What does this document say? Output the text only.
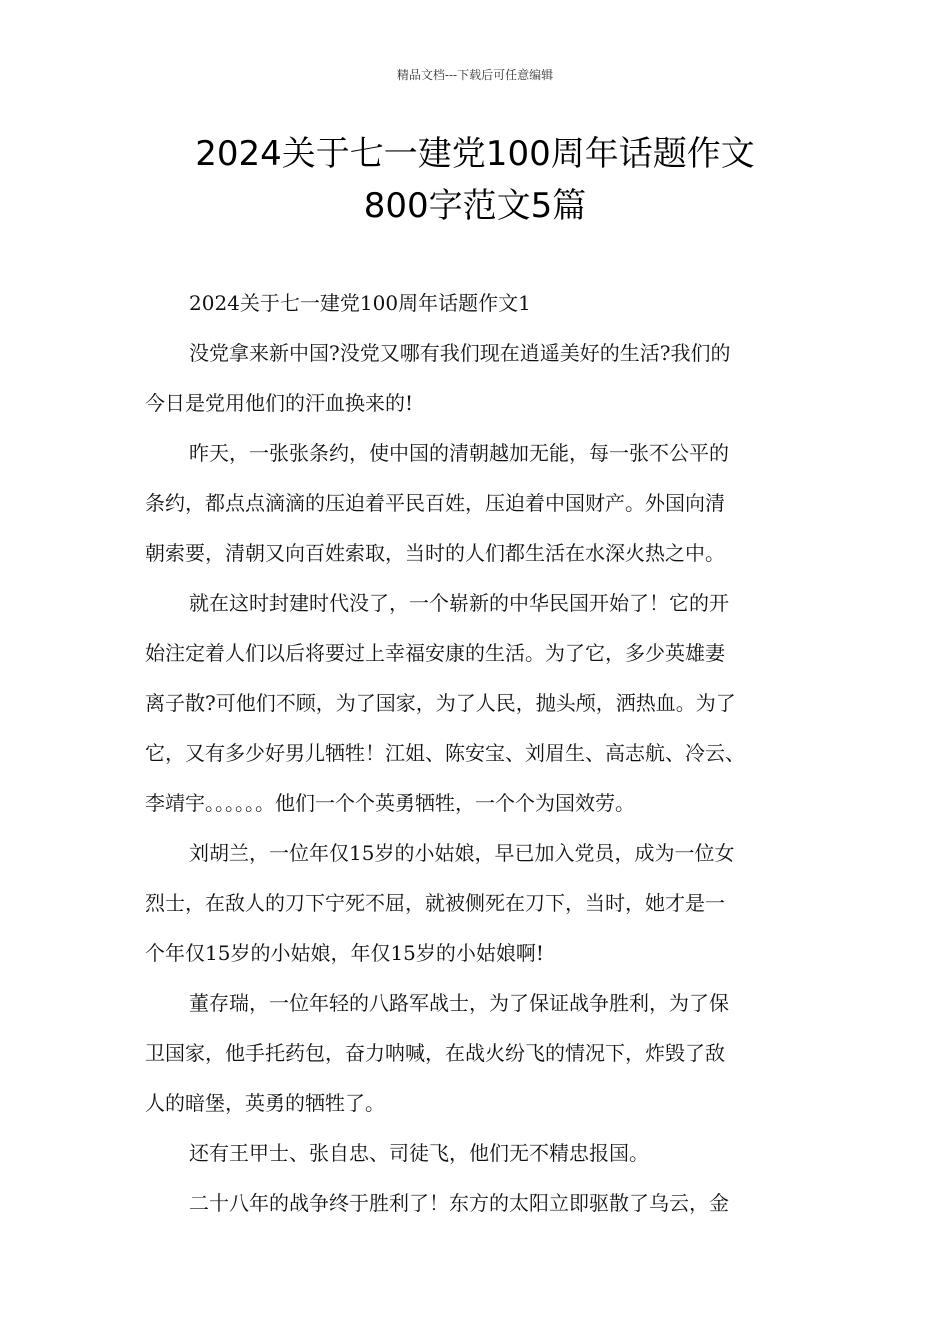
精品文档---下载后可任意编辑
2024关于七一建党100周年话题作文
800字范文5篇

2024关于七一建党100周年话题作文1

没党拿来新中国?没党又哪有我们现在逍遥美好的生活?我们的
今日是党用他们的汗血换来的!

昨天，一张张条约，使中国的清朝越加无能，每一张不公平的
条约，都点点滴滴的压迫着平民百姓，压迫着中国财产。外国向清
朝索要，清朝又向百姓索取，当时的人们都生活在水深火热之中。

就在这时封建时代没了，一个崭新的中华民国开始了！它的开
始注定着人们以后将要过上幸福安康的生活。为了它，多少英雄妻
离子散?可他们不顾，为了国家，为了人民，抛头颅，洒热血。为了
它，又有多少好男儿牺牲！江姐、陈安宝、刘眉生、高志航、冷云、
李靖宇。。。。。。他们一个个英勇牺牲，一个个为国效劳。

刘胡兰，一位年仅15岁的小姑娘，早已加入党员，成为一位女
烈士，在敌人的刀下宁死不屈，就被侧死在刀下，当时，她才是一
个年仅15岁的小姑娘，年仅15岁的小姑娘啊!

董存瑞，一位年轻的八路军战士，为了保证战争胜利，为了保
卫国家，他手托药包，奋力呐喊，在战火纷飞的情况下，炸毁了敌
人的暗堡，英勇的牺牲了。

还有王甲士、张自忠、司徒飞，他们无不精忠报国。

二十八年的战争终于胜利了！东方的太阳立即驱散了乌云，金
